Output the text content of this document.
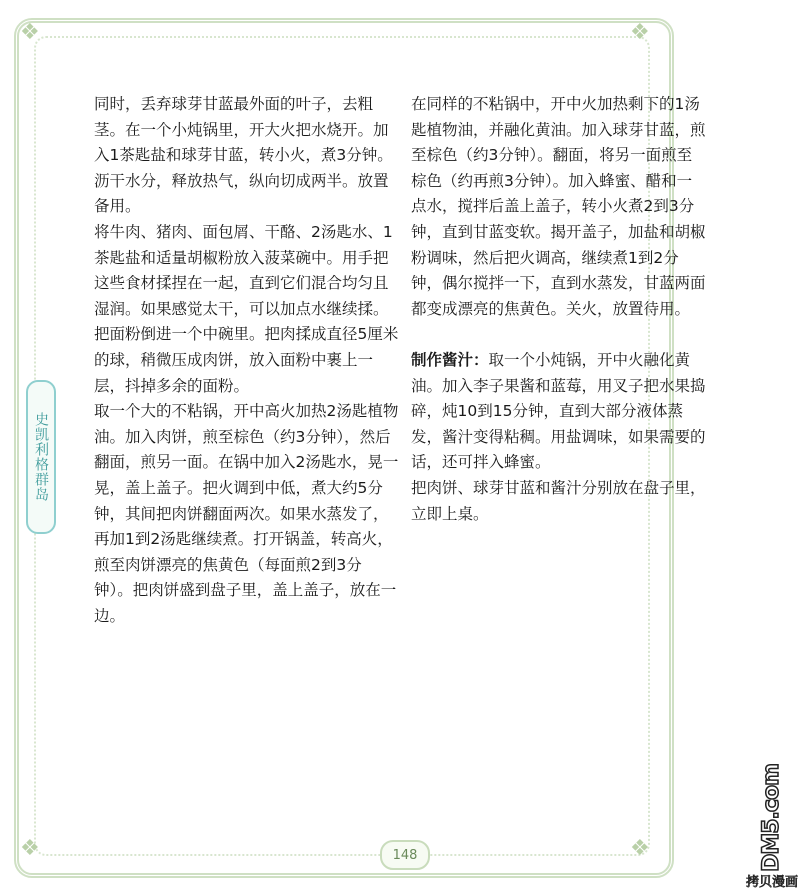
❖	❖
❖	❖
史凯利格群岛

同时，丢弃球芽甘蓝最外面的叶子，去粗茎。在一个小炖锅里，开大火把水烧开。加入1茶匙盐和球芽甘蓝，转小火，煮3分钟。沥干水分，释放热气，纵向切成两半。放置备用。

将牛肉、猪肉、面包屑、干酪、2汤匙水、1茶匙盐和适量胡椒粉放入菠菜碗中。用手把这些食材揉捏在一起，直到它们混合均匀且湿润。如果感觉太干，可以加点水继续揉。

把面粉倒进一个中碗里。把肉揉成直径5厘米的球，稍微压成肉饼，放入面粉中裹上一层，抖掉多余的面粉。

取一个大的不粘锅，开中高火加热2汤匙植物油。加入肉饼，煎至棕色（约3分钟），然后翻面，煎另一面。在锅中加入2汤匙水，晃一晃，盖上盖子。把火调到中低，煮大约5分钟，其间把肉饼翻面两次。如果水蒸发了，再加1到2汤匙继续煮。打开锅盖，转高火，煎至肉饼漂亮的焦黄色（每面煎2到3分钟）。把肉饼盛到盘子里，盖上盖子，放在一边。

在同样的不粘锅中，开中火加热剩下的1汤匙植物油，并融化黄油。加入球芽甘蓝，煎至棕色（约3分钟）。翻面，将另一面煎至棕色（约再煎3分钟）。加入蜂蜜、醋和一点水，搅拌后盖上盖子，转小火煮2到3分钟，直到甘蓝变软。揭开盖子，加盐和胡椒粉调味，然后把火调高，继续煮1到2分钟，偶尔搅拌一下，直到水蒸发，甘蓝两面都变成漂亮的焦黄色。关火，放置待用。

制作酱汁：取一个小炖锅，开中火融化黄油。加入李子果酱和蓝莓，用叉子把水果捣碎，炖10到15分钟，直到大部分液体蒸发，酱汁变得粘稠。用盐调味，如果需要的话，还可拌入蜂蜜。

把肉饼、球芽甘蓝和酱汁分别放在盘子里，立即上桌。

148	DM5.com
拷贝漫画
